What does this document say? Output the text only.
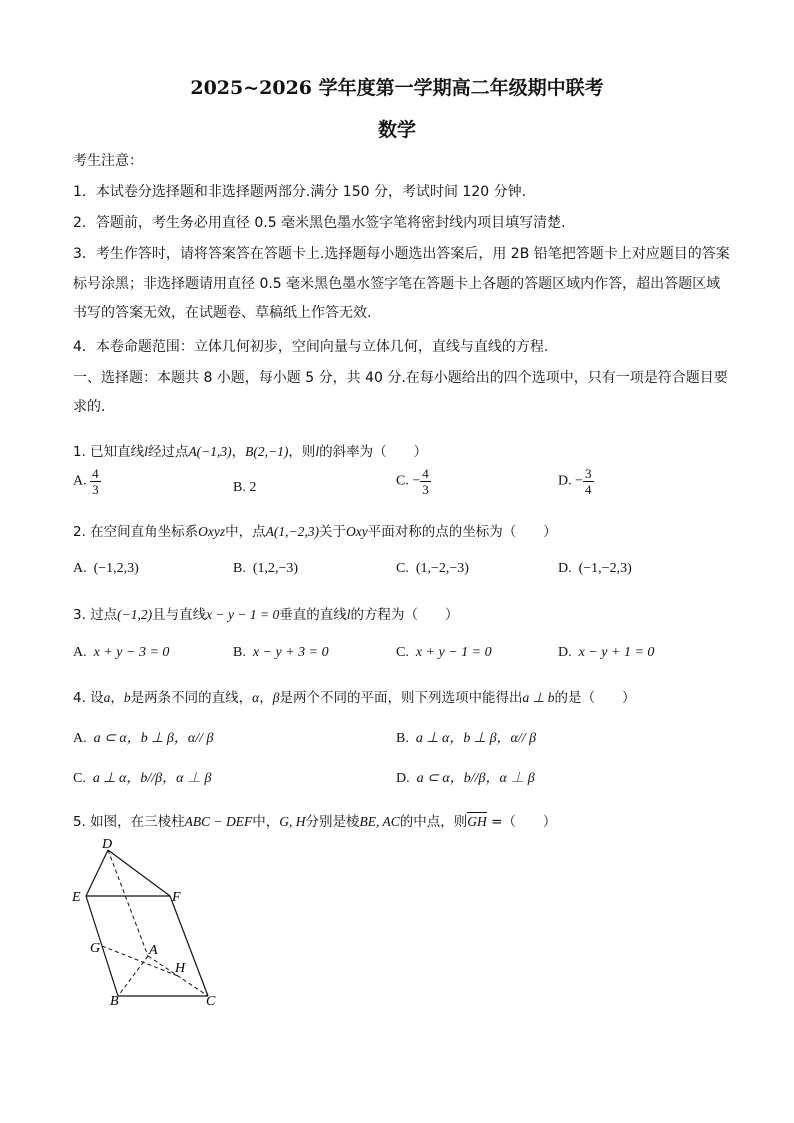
2025~2026 学年度第一学期高二年级期中联考
数学
考生注意：
1．本试卷分选择题和非选择题两部分.满分 150 分，考试时间 120 分钟.
2．答题前，考生务必用直径 0.5 毫米黑色墨水签字笔将密封线内项目填写清楚.
3．考生作答时，请将答案答在答题卡上.选择题每小题选出答案后，用 2B 铅笔把答题卡上对应题目的答案标号涂黑；非选择题请用直径 0.5 毫米黑色墨水签字笔在答题卡上各题的答题区域内作答，超出答题区域书写的答案无效，在试题卷、草稿纸上作答无效.
4．本卷命题范围：立体几何初步，空间向量与立体几何，直线与直线的方程.
一、选择题：本题共 8 小题，每小题 5 分，共 40 分.在每小题给出的四个选项中，只有一项是符合题目要求的.
1. 已知直线l经过点A(−1,3)，B(2,−1)，则l的斜率为（　　）
A. $\frac{4}{3}$	B. 2	C. − $\frac{4}{3}$	D. − $\frac{3}{4}$
2. 在空间直角坐标系Oxyz中，点A(1,−2,3)关于Oxy平面对称的点的坐标为（　　）
A. (−1,2,3)	B. (1,2,−3)	C. (1,−2,−3)	D. (−1,−2,3)
3. 过点(−1,2)且与直线x − y − 1 = 0垂直的直线l的方程为（　　）
A. x + y − 3 = 0	B. x − y + 3 = 0	C. x + y − 1 = 0	D. x − y + 1 = 0
4. 设a，b是两条不同的直线，α，β是两个不同的平面，则下列选项中能得出a ⊥ b的是（　　）
A. a ⊂ α，b ⊥ β，α// β	B. a ⊥ α，b ⊥ β，α// β
C. a ⊥ α，b//β，α ⊥ β	D. a ⊂ α，b//β，α ⊥ β
5. 如图，在三棱柱ABC − DEF中，G, H分别是棱BE, AC的中点，则GH =（　　）
D
E	F
G	A
H
B	C
